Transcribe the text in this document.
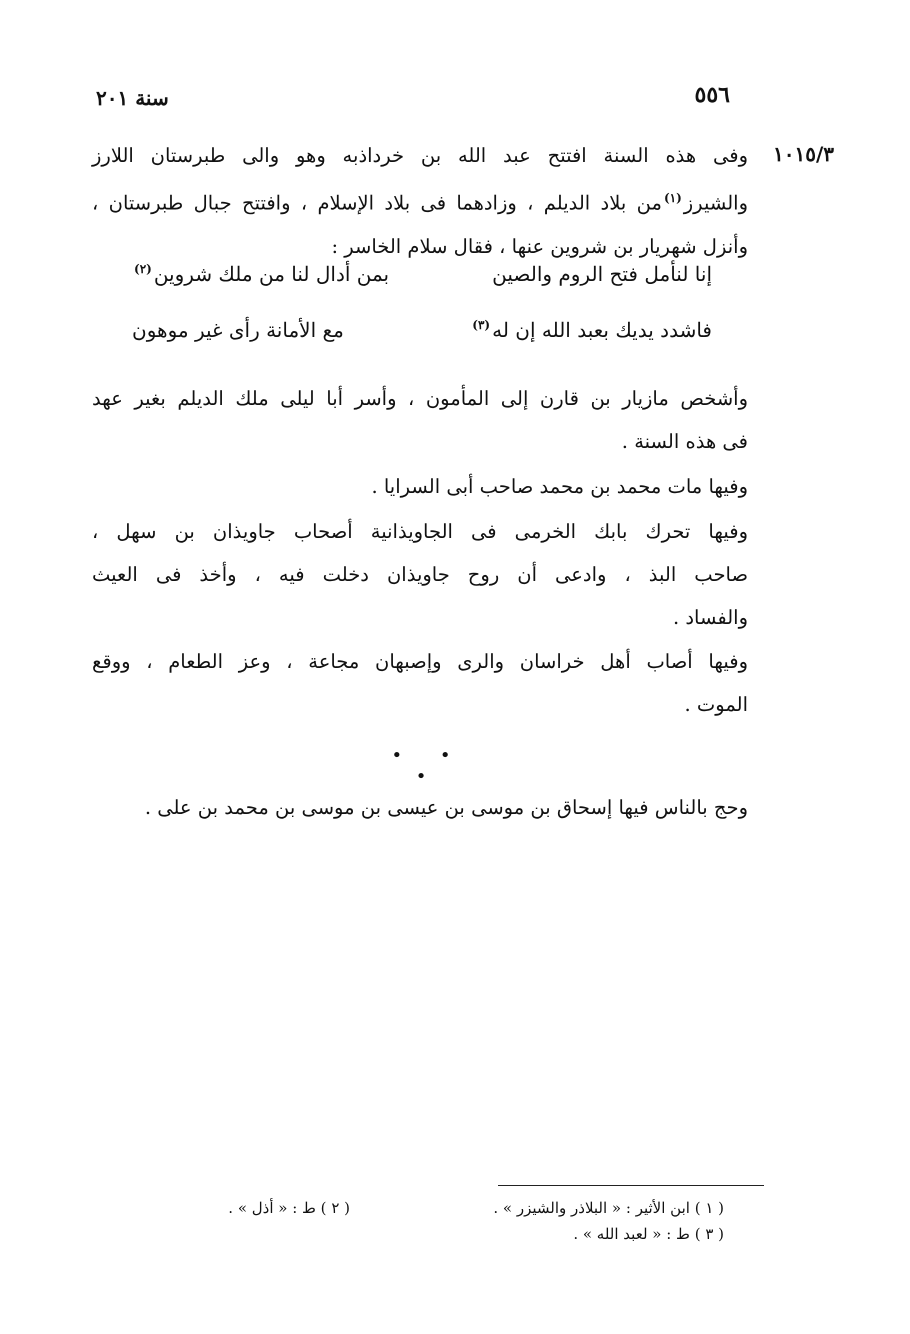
٥٥٦
سنة ٢٠١
١٠١٥/٣
وفى هذه السنة افتتح عبد الله بن خرداذبه وهو والى طبرستان اللارز
والشيرز$^{(١)}$من بلاد الديلم ، وزادهما فى بلاد الإسلام ، وافتتح جبال طبرستان ،
وأنزل شهريار بن شروين عنها ، فقال سلام الخاسر :
إنا لنأمل فتح الروم والصين
بمن أدال لنا من ملك شروين$^{(٢)}$
فاشدد يديك بعبد الله إن له$^{(٣)}$
مع الأمانة رأى غير موهون
وأشخص مازيار بن قارن إلى المأمون ، وأسر أبا ليلى ملك الديلم بغير عهد
فى هذه السنة .
وفيها مات محمد بن محمد صاحب أبى السرايا .
وفيها تحرك بابك الخرمى فى الجاويذانية أصحاب جاويذان بن سهل ،
صاحب البذ ، وادعى أن روح جاويذان دخلت فيه ، وأخذ فى العيث
والفساد .
وفيها أصاب أهل خراسان والرى وإصبهان مجاعة ، وعز الطعام ، ووقع
الموت .
• • •
وحج بالناس فيها إسحاق بن موسى بن عيسى بن موسى بن محمد بن على .
( ١ ) ابن الأثير : « البلاذر والشيزر » .
( ٢ ) ط : « أذل » .
( ٣ ) ط : « لعبد الله » .
